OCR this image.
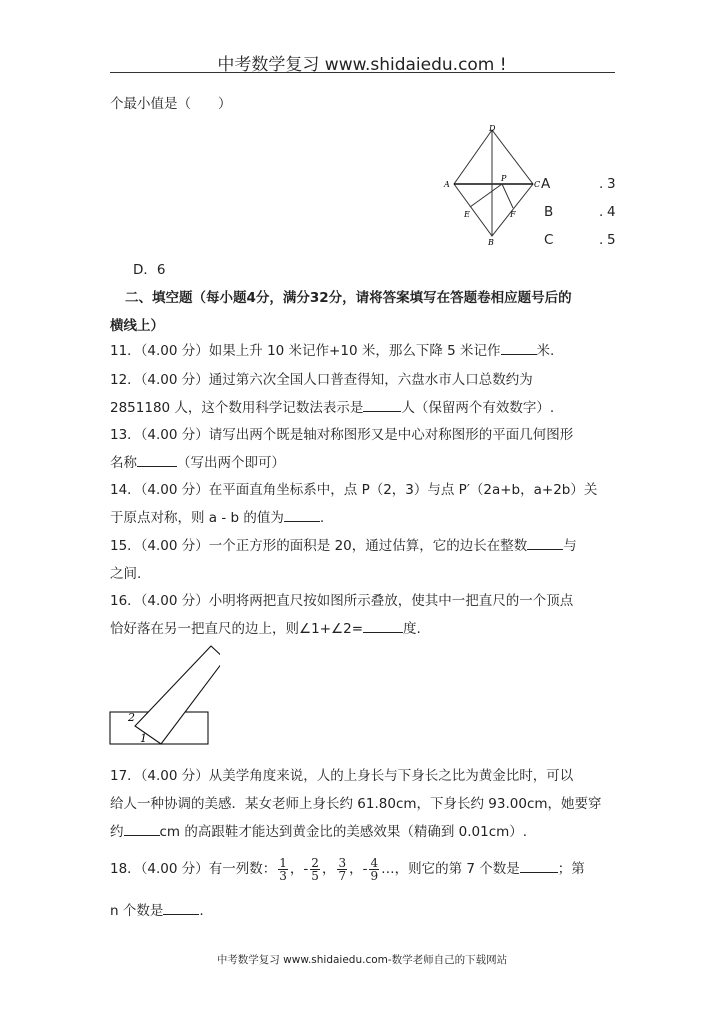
中考数学复习 www.shidaiedu.com !
个最小值是（　　）
D
A	C
P
E	F
B
A	. 3
B	. 4
C	. 5
D．6
二、填空题（每小题4分，满分32分，请将答案填写在答题卷相应题号后的
横线上）
11．（4.00 分）如果上升 10 米记作+10 米，那么下降 5 米记作	米.
12．（4.00 分）通过第六次全国人口普查得知，六盘水市人口总数约为
2851180 人，这个数用科学记数法表示是	人（保留两个有效数字）.
13．（4.00 分）请写出两个既是轴对称图形又是中心对称图形的平面几何图形
名称	（写出两个即可）
14．（4.00 分）在平面直角坐标系中，点 P（2，3）与点 P′（2a+b，a+2b）关
于原点对称，则 a - b 的值为	.
15．（4.00 分）一个正方形的面积是 20，通过估算，它的边长在整数	与
之间.
16．（4.00 分）小明将两把直尺按如图所示叠放，使其中一把直尺的一个顶点
恰好落在另一把直尺的边上，则∠1+∠2=	度.
2
1
17．（4.00 分）从美学角度来说，人的上身长与下身长之比为黄金比时，可以
给人一种协调的美感．某女老师上身长约 61.80cm，下身长约 93.00cm，她要穿
约	cm 的高跟鞋才能达到黄金比的美感效果（精确到 0.01cm）.
18．（4.00 分）有一列数： $\frac{1}{3}$ ，- $\frac{2}{5}$ ， $\frac{3}{7}$ ，- $\frac{4}{9}$ …，则它的第 7 个数是	；第
n 个数是	.
中考数学复习 www.shidaiedu.com-数学老师自己的下载网站
